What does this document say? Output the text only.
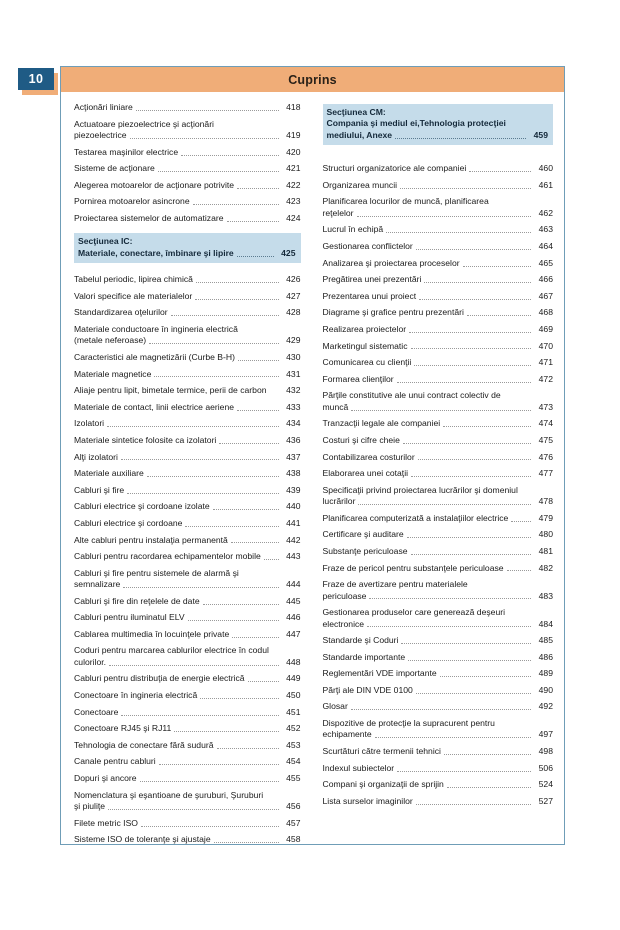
10	Cuprins
Acţionări liniare	418
Actuatoare piezoelectrice şi acţionări
piezoelectrice	419
Testarea maşinilor electrice	420
Sisteme de acţionare	421
Alegerea motoarelor de acţionare potrivite	422
Pornirea motoarelor asincrone	423
Proiectarea sistemelor de automatizare	424
Secţiunea IC:
Materiale, conectare, îmbinare şi lipire	425
Tabelul periodic, lipirea chimică	426
Valori specifice ale materialelor	427
Standardizarea oţelurilor	428
Materiale conductoare în ingineria electrică
(metale neferoase)	429
Caracteristici ale magnetizării (Curbe B-H)	430
Materiale magnetice	431
Aliaje pentru lipit, bimetale termice, perii de carbon	432
Materiale de contact, linii electrice aeriene	433
Izolatori	434
Materiale sintetice folosite ca izolatori	436
Alţi izolatori	437
Materiale auxiliare	438
Cabluri şi fire	439
Cabluri electrice şi cordoane izolate	440
Cabluri electrice şi cordoane	441
Alte cabluri pentru instalaţia permanentă	442
Cabluri pentru racordarea echipamentelor mobile	443
Cabluri şi fire pentru sistemele de alarmă şi
semnalizare	444
Cabluri şi fire din reţelele de date	445
Cabluri pentru iluminatul ELV	446
Cablarea multimedia în locuinţele private	447
Coduri pentru marcarea cablurilor electrice în codul
culorilor.	448
Cabluri pentru distribuţia de energie electrică	449
Conectoare în ingineria electrică	450
Conectoare	451
Conectoare RJ45 şi RJ11	452
Tehnologia de conectare fără sudură	453
Canale pentru cabluri	454
Dopuri şi ancore	455
Nomenclatura şi eşantioane de şuruburi, Şuruburi
şi piuliţe	456
Filete metric ISO	457
Sisteme ISO de toleranţe şi ajustaje	458
Secţiunea CM:
Compania şi mediul ei,Tehnologia protecţiei
mediului, Anexe	459
Structuri organizatorice ale companiei	460
Organizarea muncii	461
Planificarea locurilor de muncă, planificarea
reţelelor	462
Lucrul în echipă	463
Gestionarea conflictelor	464
Analizarea şi proiectarea proceselor	465
Pregătirea unei prezentări	466
Prezentarea unui proiect	467
Diagrame şi grafice pentru prezentări	468
Realizarea proiectelor	469
Marketingul sistematic	470
Comunicarea cu clienţii	471
Formarea clienţilor	472
Părţile constitutive ale unui contract colectiv de
muncă	473
Tranzacţii legale ale companiei	474
Costuri şi cifre cheie	475
Contabilizarea costurilor	476
Elaborarea unei cotaţii	477
Specificaţii privind proiectarea lucrărilor şi domeniul
lucrărilor	478
Planificarea computerizată a instalaţiilor electrice	479
Certificare şi auditare	480
Substanţe periculoase	481
Fraze de pericol pentru substanţele periculoase	482
Fraze de avertizare pentru materialele
periculoase	483
Gestionarea produselor care generează deşeuri
electronice	484
Standarde şi Coduri	485
Standarde importante	486
Reglementări VDE importante	489
Părţi ale DIN VDE 0100	490
Glosar	492
Dispozitive de protecţie la supracurent pentru
echipamente	497
Scurtături către termenii tehnici	498
Indexul subiectelor	506
Compani şi organizaţii de sprijin	524
Lista surselor imaginilor	527
